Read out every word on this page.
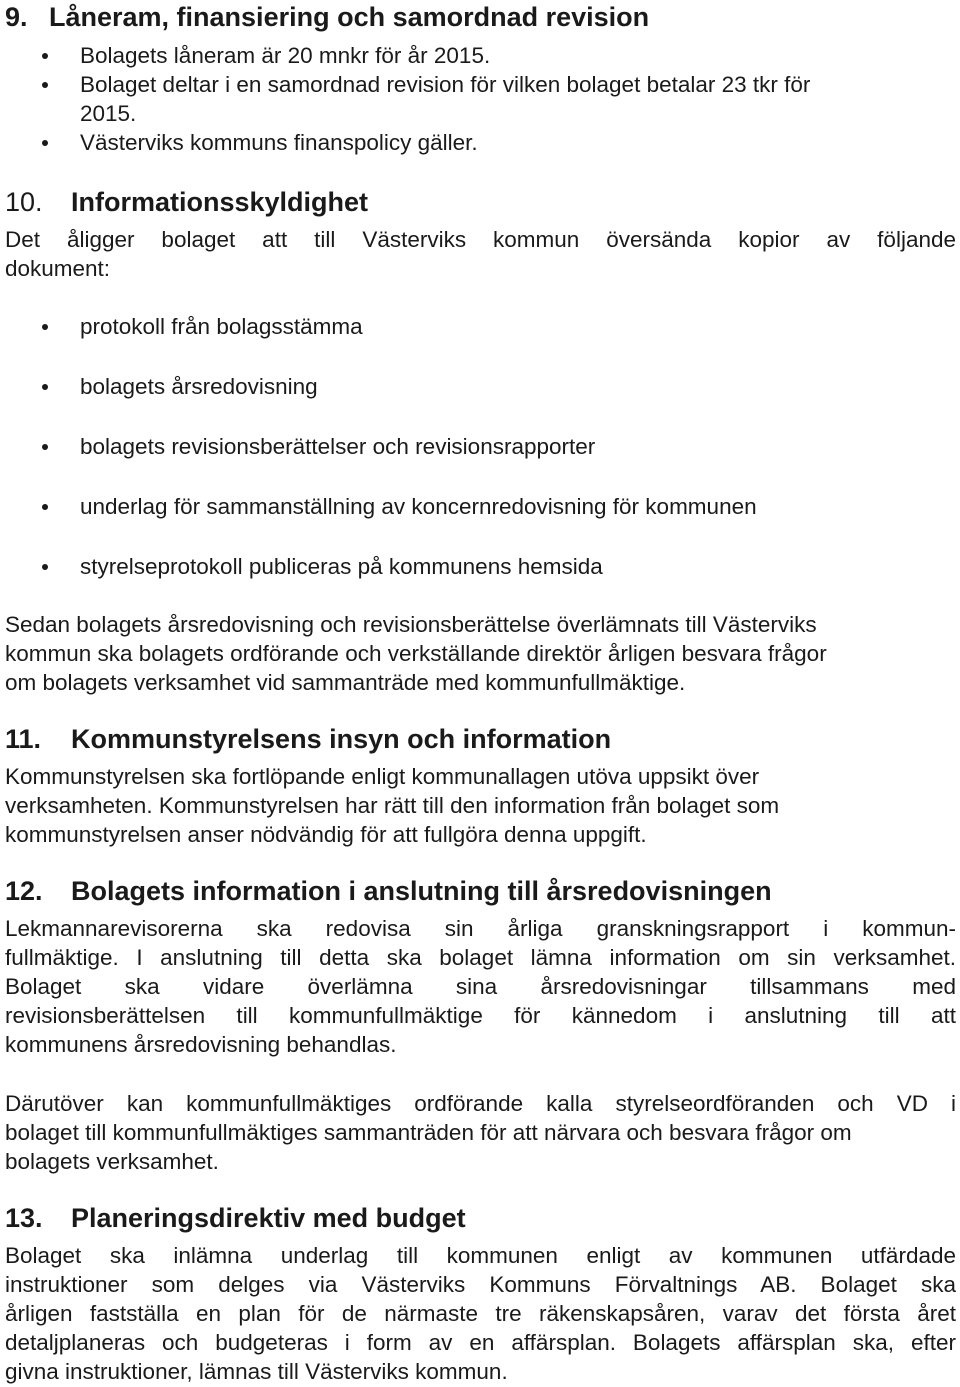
9. Låneram, finansiering och samordnad revision
Bolagets låneram är 20 mnkr för år 2015.
Bolaget deltar i en samordnad revision för vilken bolaget betalar 23 tkr för
2015.
Västerviks kommuns finanspolicy gäller.
10. Informationsskyldighet
Det åligger bolaget att till Västerviks kommun översända kopior av följande
dokument:
protokoll från bolagsstämma
bolagets årsredovisning
bolagets revisionsberättelser och revisionsrapporter
underlag för sammanställning av koncernredovisning för kommunen
styrelseprotokoll publiceras på kommunens hemsida
Sedan bolagets årsredovisning och revisionsberättelse överlämnats till Västerviks
kommun ska bolagets ordförande och verkställande direktör årligen besvara frågor
om bolagets verksamhet vid sammanträde med kommunfullmäktige.
11. Kommunstyrelsens insyn och information
Kommunstyrelsen ska fortlöpande enligt kommunallagen utöva uppsikt över
verksamheten. Kommunstyrelsen har rätt till den information från bolaget som
kommunstyrelsen anser nödvändig för att fullgöra denna uppgift.
12. Bolagets information i anslutning till årsredovisningen
Lekmannarevisorerna ska redovisa sin årliga granskningsrapport i kommun-
fullmäktige. I anslutning till detta ska bolaget lämna information om sin verksamhet.
Bolaget ska vidare överlämna sina årsredovisningar tillsammans med
revisionsberättelsen till kommunfullmäktige för kännedom i anslutning till att
kommunens årsredovisning behandlas.
Därutöver kan kommunfullmäktiges ordförande kalla styrelseordföranden och VD i
bolaget till kommunfullmäktiges sammanträden för att närvara och besvara frågor om
bolagets verksamhet.
13. Planeringsdirektiv med budget
Bolaget ska inlämna underlag till kommunen enligt av kommunen utfärdade
instruktioner som delges via Västerviks Kommuns Förvaltnings AB. Bolaget ska
årligen fastställa en plan för de närmaste tre räkenskapsåren, varav det första året
detaljplaneras och budgeteras i form av en affärsplan. Bolagets affärsplan ska, efter
givna instruktioner, lämnas till Västerviks kommun.
